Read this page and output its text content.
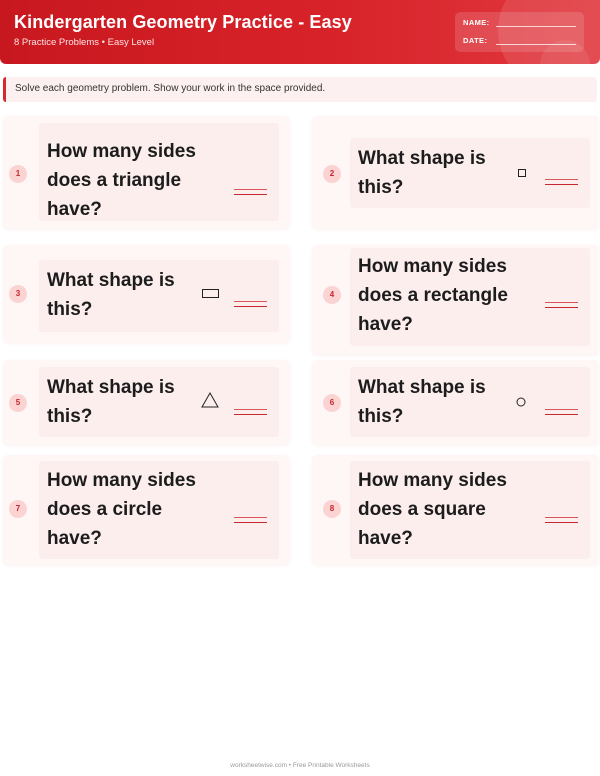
Kindergarten Geometry Practice - Easy
8 Practice Problems • Easy Level
NAME:
DATE:
Solve each geometry problem. Show your work in the space provided.
1
How many sides does a triangle have?
2
What shape is this?
3
What shape is this?
4
How many sides does a rectangle have?
5
What shape is this?
6
What shape is this?
7
How many sides does a circle have?
8
How many sides does a square have?
worksheetwise.com • Free Printable Worksheets
